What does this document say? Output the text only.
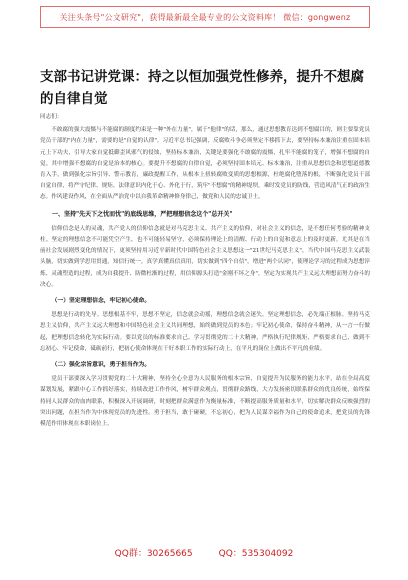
关注头条号"公文研究"，获得最新最全最专业的公文资料库！ 微信：gongwenz
支部书记讲党课：持之以恒加强党性修养，提升不想腐的自律自觉

同志们：

不敢腐的强大震慑与不能腐的制度约束是一种"外在力量"，属于"他律"的话，那么，通过思想教育达到不想腐目的，则主要靠党员党员干部的"内在力量"，需要的是"自觉的认律"。习近平总书记强调，反腐败斗争必须坚定不移抓下去，要坚持标本兼治注重在固本培元上下功夫，引导大家自觉抵御歪风邪气的侵蚀，坚持标本兼治，关键是要强化不敢腐的震慑，扎牢不能腐的笼子，增强不想腐的自觉。其中增强不想腐的自觉是治本的核心。要提升不想腐的自律自觉，必须坚持固本培元、标本兼治，注重从思想信念和思想道德教育入手，做到强化宗旨引导、警示教育，廉政提醒工作，从根本上扭转腐败变质的思想根源，杜绝腐化堕落的根，不断强化党员干部自觉自律，将严守纪律、规矩、法律意识内化于心、外化于行，筑牢"不想腐"的精神堤坝，乘时发党员的防线，营造风清气正的政治生态。作风建设作风，在全面从严治党中以自我革命精神修身律己，做党和人民的忠诚卫士。

一、坚持"先天下之忧而忧"的底线思维，严把理想信念这个"总开关"

信仰信念是人的灵魂，共产党人的信仰信念就是对马克思主义、共产主义的信仰，对社会主义的信念，是不想任何考验的精神支柱。坚定的理想信念不可能凭空产生，也不可能轻易坚守，必须保持理论上的清醒、行动上的自觉和意志上的及时更新。尤其是在当前社会发展剧烈变化的情况下，更须坚持用习近平新时代中国特色社会主义思想这一"21世纪马克思主义"，当代中国马克思主义武装头脑，切实做到学思用贯通，知信行统一，真学真懂真信真用，切实做到"四个自信"，增进"两个认同"，使理论学习的过程成为思想淬炼、灵魂塑造的过程，成为自我提升、防微杜渐的过程，用信仰源头打造"金刚不坏之身"，坚定为实现共产主义远大理想而努力奋斗的决心。

（一）坚定理想信念，牢记初心使命。

思想是行动的先导。思想根基不牢，思想不坚定，信念就会动摇，理想信念就会迷失。坚定理想信念，必先端正根脉。坚持马克思主义信仰，共产主义远大理想和中国特色社会主义共同理想，始终做到党员的本色；牢记初心使命，保持奋斗精神，从一言一行做起，把理想信念转化为实际行动。要以党员的标准要求自己，学习贯彻党的二十大精神，严格执行纪律规矩，严格要求自己，做到不忘初心、牢记使命，砥砺前行，把初心使命体现在干好本职工作的实际行动上，在平凡的岗位上做出不平凡的业绩。

（二）强化宗旨意识，勇于担当作为。

党员干部要深入学习贯彻党的二十大精神，坚持全心全意为人民服务的根本宗旨，自觉提升为民服务的能力水平，站在全局高度谋划发展，紧跟中心工作抓好落实，持续改进工作作风，树牢群众观点，贯彻群众路线，大力发扬密切联系群众的优良传统，始终保持同人民群众的血肉联系，积极深入开展调研，时刻把群众满意作为衡量标准，不断提高服务质量和水平，切实解决群众反映强烈的突出问题，在担当作为中体现党员的先进性。勇于担当，敢于碰硬，不忘初心，把为人民谋幸福作为自己的使命追求，把党员的先锋模范作用体现在本职岗位上。

QQ群：30265665	QQ：535304092
